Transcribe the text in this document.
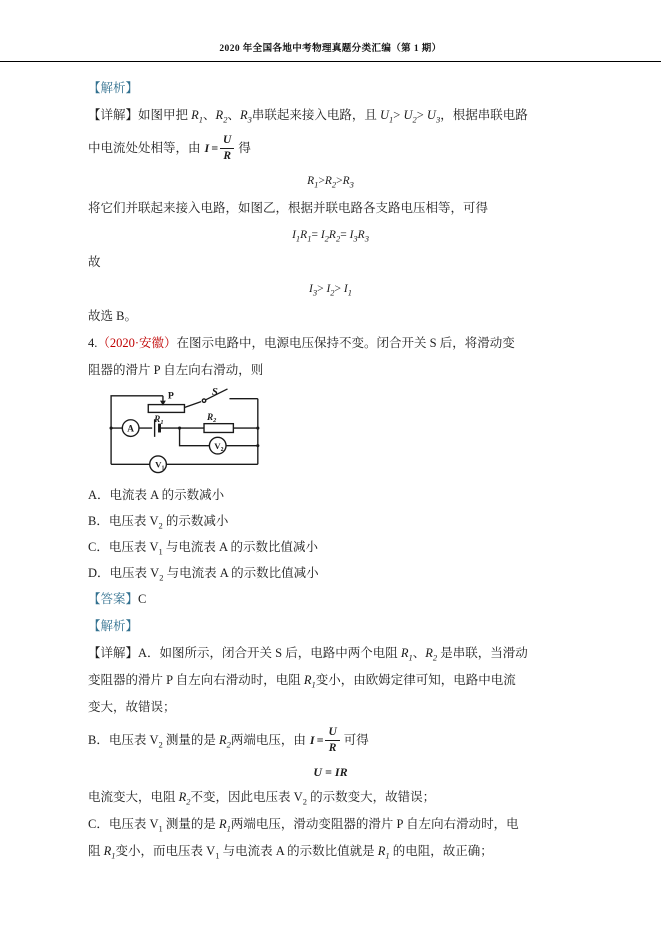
2020 年全国各地中考物理真题分类汇编（第 1 期）
【解析】
【详解】如图甲把 $R_1$、$R_2$、$R_3$串联起来接入电路，且 $U_1> U_2> U_3$，根据串联电路
中电流处处相等，由 $I = \frac{U}{R}$ 得
$R_1>R_2>R_3$
将它们并联起来接入电路，如图乙，根据并联电路各支路电压相等，可得
$I_1R_1= I_2R_2= I_3R_3$
故
$I_3> I_2> I_1$
故选 B。
4.（2020·安徽）在图示电路中，电源电压保持不变。闭合开关 S 后，将滑动变
阻器的滑片 P 自左向右滑动，则
P	S
$R_1$	$R_2$
A
$V_1$
$V_2$
A．电流表 A 的示数减小
B．电压表 $V_2$ 的示数减小
C．电压表 $V_1$ 与电流表 A 的示数比值减小
D．电压表 $V_2$ 与电流表 A 的示数比值减小
【答案】C
【解析】
【详解】A．如图所示，闭合开关 S 后，电路中两个电阻 $R_1$、$R_2$ 是串联，当滑动
变阻器的滑片 P 自左向右滑动时，电阻 $R_1$变小，由欧姆定律可知，电路中电流
变大，故错误；
B．电压表 $V_2$ 测量的是 $R_2$两端电压，由 $I = \frac{U}{R}$ 可得
U = IR
电流变大，电阻 $R_2$不变，因此电压表 $V_2$ 的示数变大，故错误；
C．电压表 $V_1$ 测量的是 $R_1$两端电压，滑动变阻器的滑片 P 自左向右滑动时，电
阻 $R_1$变小，而电压表 $V_1$ 与电流表 A 的示数比值就是 $R_1$ 的电阻，故正确；
